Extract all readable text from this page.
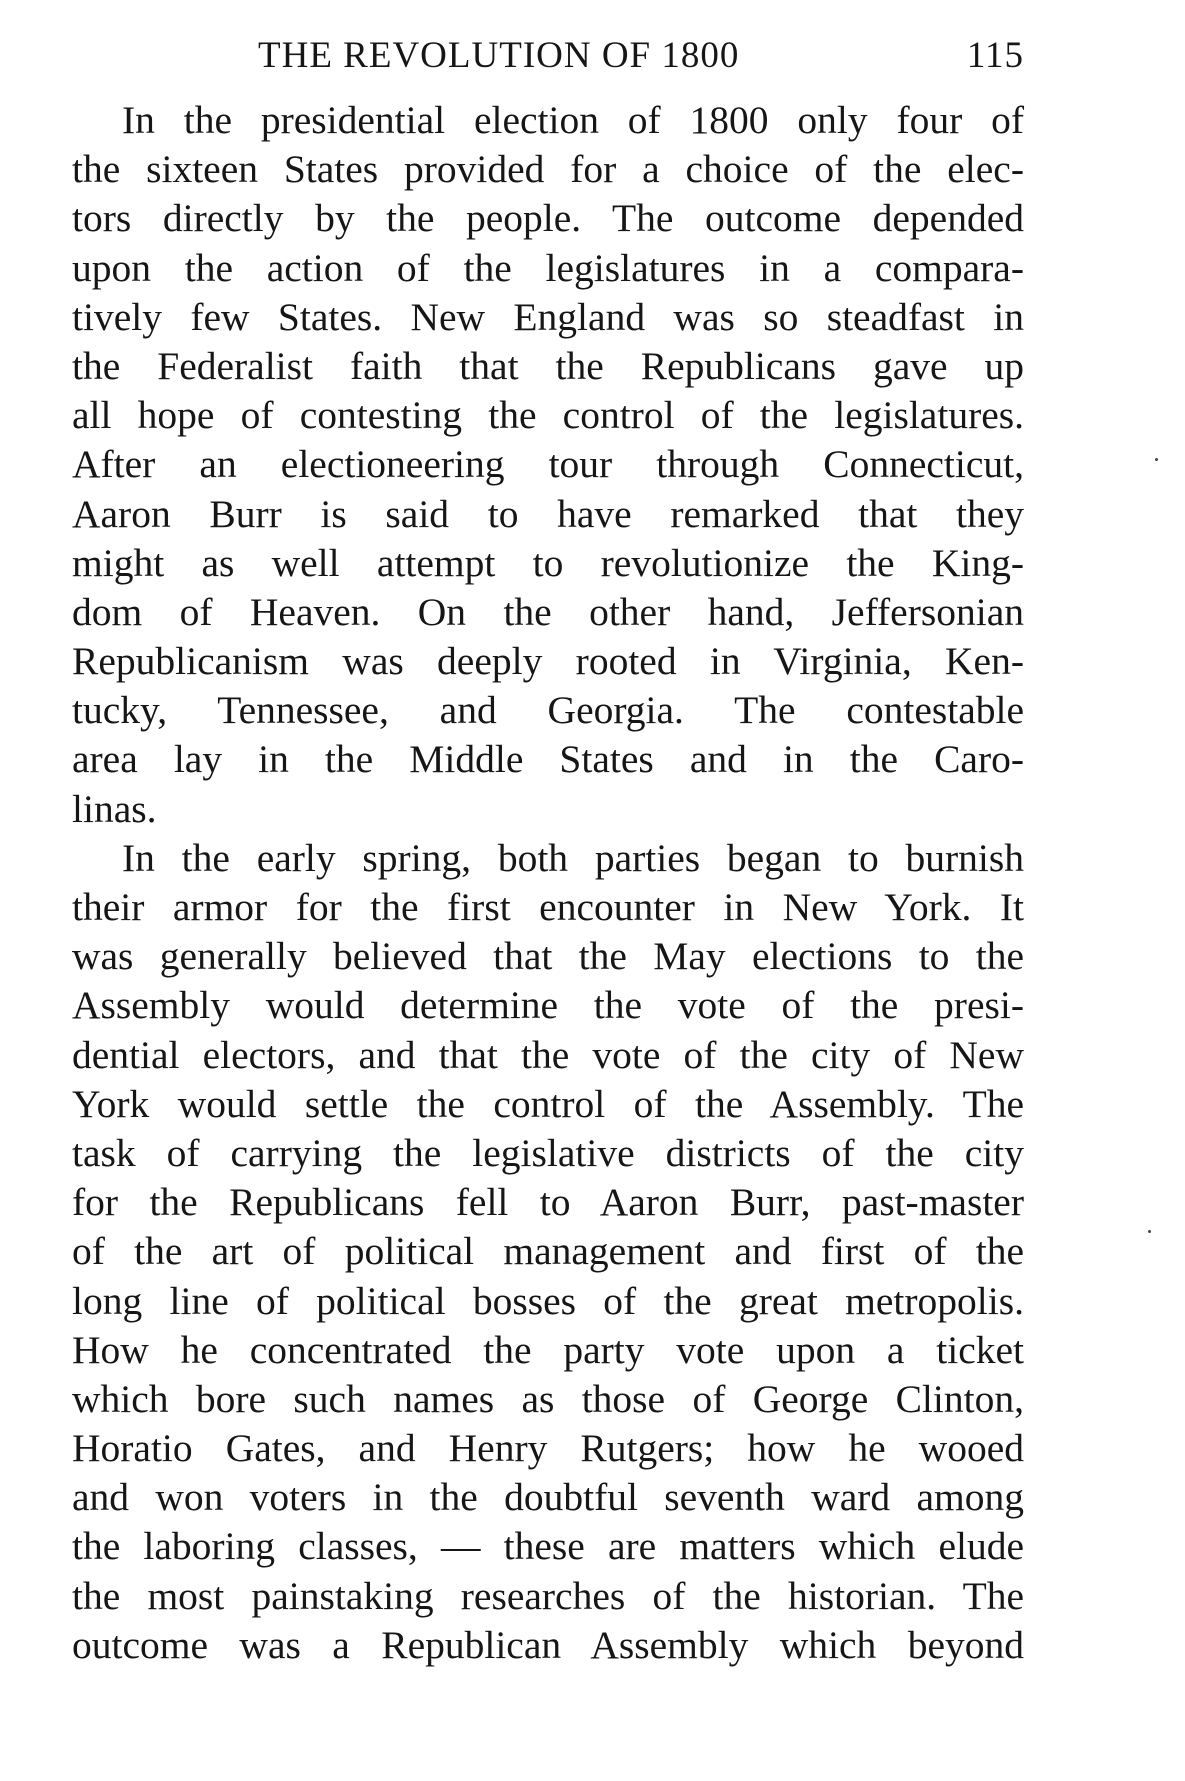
THE REVOLUTION OF 1800	115
In the presidential election of 1800 only four of
the sixteen States provided for a choice of the elec-
tors directly by the people. The outcome depended
upon the action of the legislatures in a compara-
tively few States. New England was so steadfast in
the Federalist faith that the Republicans gave up
all hope of contesting the control of the legislatures.
After an electioneering tour through Connecticut,
Aaron Burr is said to have remarked that they
might as well attempt to revolutionize the King-
dom of Heaven. On the other hand, Jeffersonian
Republicanism was deeply rooted in Virginia, Ken-
tucky, Tennessee, and Georgia. The contestable
area lay in the Middle States and in the Caro-
linas.
In the early spring, both parties began to burnish
their armor for the first encounter in New York. It
was generally believed that the May elections to the
Assembly would determine the vote of the presi-
dential electors, and that the vote of the city of New
York would settle the control of the Assembly. The
task of carrying the legislative districts of the city
for the Republicans fell to Aaron Burr, past-master
of the art of political management and first of the
long line of political bosses of the great metropolis.
How he concentrated the party vote upon a ticket
which bore such names as those of George Clinton,
Horatio Gates, and Henry Rutgers; how he wooed
and won voters in the doubtful seventh ward among
the laboring classes, — these are matters which elude
the most painstaking researches of the historian. The
outcome was a Republican Assembly which beyond
